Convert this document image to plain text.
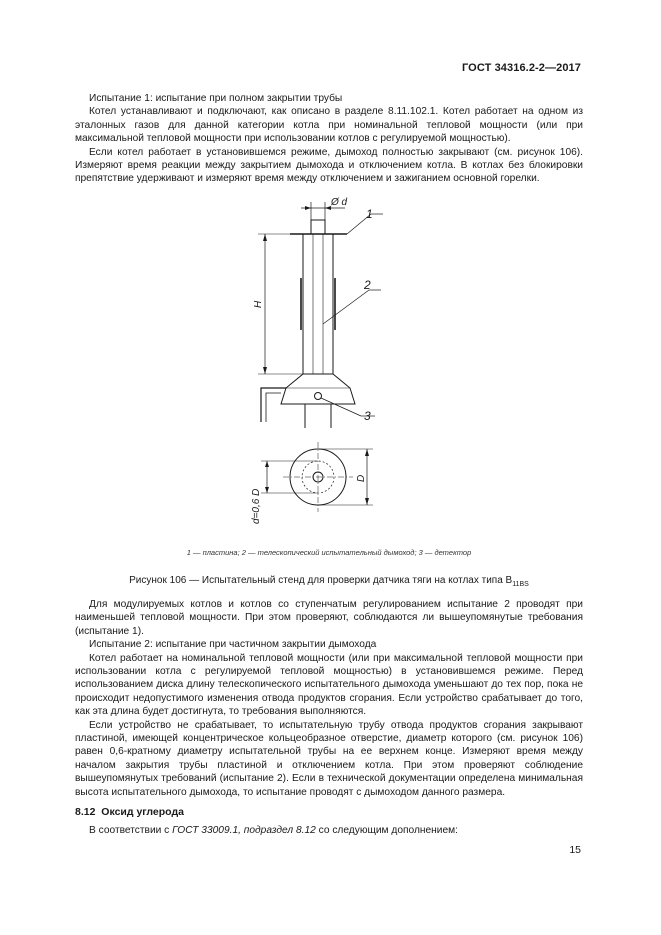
ГОСТ 34316.2-2—2017

Испытание 1: испытание при полном закрытии трубы

Котел устанавливают и подключают, как описано в разделе 8.11.102.1. Котел работает на одном из эталонных газов для данной категории котла при номинальной тепловой мощности (или при максимальной тепловой мощности при использовании котлов с регулируемой мощностью).

Если котел работает в установившемся режиме, дымоход полностью закрывают (см. рисунок 106). Измеряют время реакции между закрытием дымохода и отключением котла. В котлах без блокировки препятствие удерживают и измеряют время между отключением и зажиганием основной горелки.

Ø d
1
2
3
H
D
d=0,6 D
1 — пластина; 2 — телескопический испытательный дымоход; 3 — детектор
Рисунок 106 — Испытательный стенд для проверки датчика тяги на котлах типа $B_{11BS}$

Для модулируемых котлов и котлов со ступенчатым регулированием испытание 2 проводят при наименьшей тепловой мощности. При этом проверяют, соблюдаются ли вышеупомянутые требования (испытание 1).

Испытание 2: испытание при частичном закрытии дымохода

Котел работает на номинальной тепловой мощности (или при максимальной тепловой мощности при использовании котла с регулируемой тепловой мощностью) в установившемся режиме. Перед использованием диска длину телескопического испытательного дымохода уменьшают до тех пор, пока не происходит недопустимого изменения отвода продуктов сгорания. Если устройство срабатывает до того, как эта длина будет достигнута, то требования выполняются.

Если устройство не срабатывает, то испытательную трубу отвода продуктов сгорания закрывают пластиной, имеющей концентрическое кольцеобразное отверстие, диаметр которого (см. рисунок 106) равен 0,6-кратному диаметру испытательной трубы на ее верхнем конце. Измеряют время между началом закрытия трубы пластиной и отключением котла. При этом проверяют соблюдение вышеупомянутых требований (испытание 2). Если в технической документации определена минимальная высота испытательного дымохода, то испытание проводят с дымоходом данного размера.

8.12 Оксид углерода

В соответствии с ГОСТ 33009.1, подраздел 8.12 со следующим дополнением:

15
